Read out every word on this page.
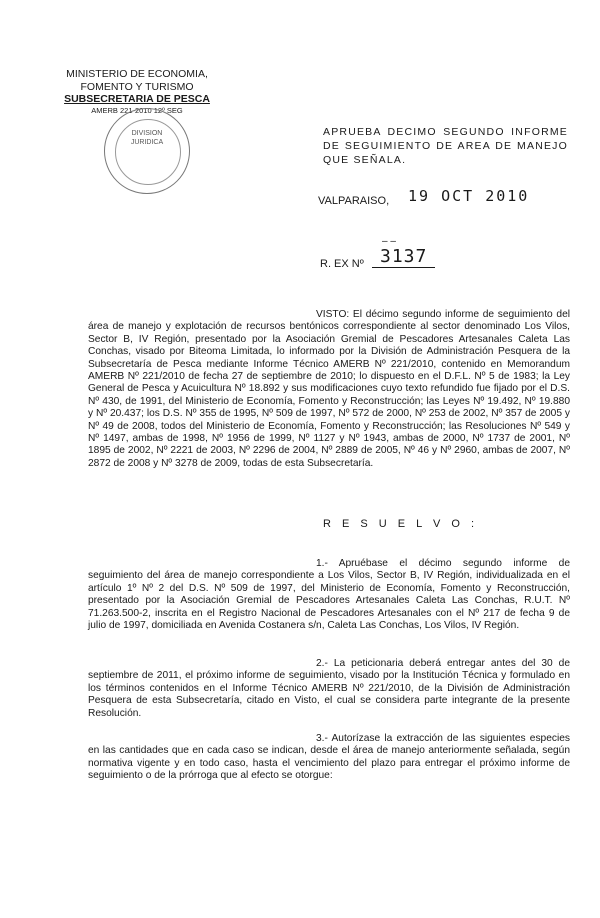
MINISTERIO DE ECONOMIA,
FOMENTO Y TURISMO
SUBSECRETARIA DE PESCA
AMERB 221-2010 12º SEG
DIVISION
JURIDICA
APRUEBA DECIMO SEGUNDO INFORME DE SEGUIMIENTO DE AREA DE MANEJO QUE SEÑALA.
VALPARAISO, 19 OCT 2010
R. EX Nº
– –
3137

VISTO: El décimo segundo informe de seguimiento del área de manejo y explotación de recursos bentónicos correspondiente al sector denominado Los Vilos, Sector B, IV Región, presentado por la Asociación Gremial de Pescadores Artesanales Caleta Las Conchas, visado por Biteoma Limitada, lo informado por la División de Administración Pesquera de la Subsecretaría de Pesca mediante Informe Técnico AMERB Nº 221/2010, contenido en Memorandum AMERB Nº 221/2010 de fecha 27 de septiembre de 2010; lo dispuesto en el D.F.L. Nº 5 de 1983; la Ley General de Pesca y Acuicultura Nº 18.892 y sus modificaciones cuyo texto refundido fue fijado por el D.S. Nº 430, de 1991, del Ministerio de Economía, Fomento y Reconstrucción; las Leyes Nº 19.492, Nº 19.880 y Nº 20.437; los D.S. Nº 355 de 1995, Nº 509 de 1997, Nº 572 de 2000, Nº 253 de 2002, Nº 357 de 2005 y Nº 49 de 2008, todos del Ministerio de Economía, Fomento y Reconstrucción; las Resoluciones Nº 549 y Nº 1497, ambas de 1998, Nº 1956 de 1999, Nº 1127 y Nº 1943, ambas de 2000, Nº 1737 de 2001, Nº 1895 de 2002, Nº 2221 de 2003, Nº 2296 de 2004, Nº 2889 de 2005, Nº 46 y Nº 2960, ambas de 2007, Nº 2872 de 2008 y Nº 3278 de 2009, todas de esta Subsecretaría.

R E S U E L V O :

1.- Apruébase el décimo segundo informe de seguimiento del área de manejo correspondiente a Los Vilos, Sector B, IV Región, individualizada en el artículo 1º Nº 2 del D.S. Nº 509 de 1997, del Ministerio de Economía, Fomento y Reconstrucción, presentado por la Asociación Gremial de Pescadores Artesanales Caleta Las Conchas, R.U.T. Nº 71.263.500-2, inscrita en el Registro Nacional de Pescadores Artesanales con el Nº 217 de fecha 9 de julio de 1997, domiciliada en Avenida Costanera s/n, Caleta Las Conchas, Los Vilos, IV Región.

2.- La peticionaria deberá entregar antes del 30 de septiembre de 2011, el próximo informe de seguimiento, visado por la Institución Técnica y formulado en los términos contenidos en el Informe Técnico AMERB Nº 221/2010, de la División de Administración Pesquera de esta Subsecretaría, citado en Visto, el cual se considera parte integrante de la presente Resolución.

3.- Autorízase la extracción de las siguientes especies en las cantidades que en cada caso se indican, desde el área de manejo anteriormente señalada, según normativa vigente y en todo caso, hasta el vencimiento del plazo para entregar el próximo informe de seguimiento o de la prórroga que al efecto se otorgue:
